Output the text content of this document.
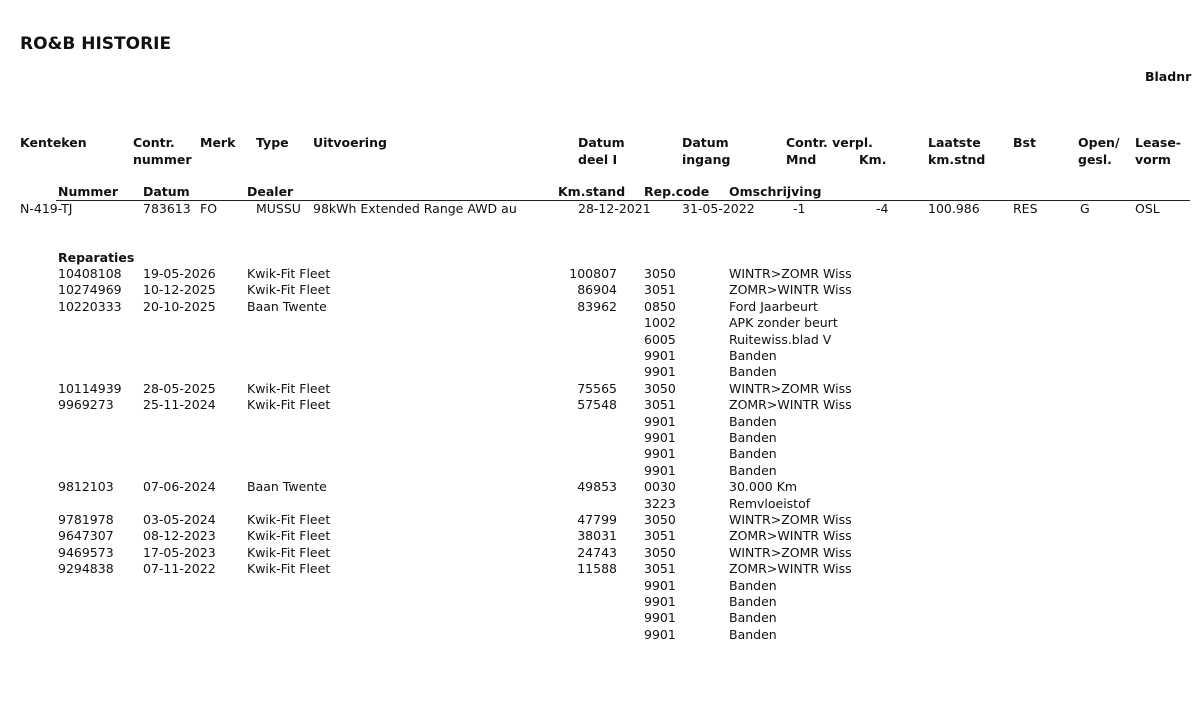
RO&B HISTORIE
Bladnr
Kenteken	Contr.
nummer
Merk Type Uitvoering	Datum
deel I
Datum
ingang
Contr. verpl.
Mnd	Km.
Laatste
km.stnd
Bst	Open/
gesl.
Lease-
vorm
Nummer Datum	Dealer	Km.stand Rep.code Omschrijving
N-419-TJ	783613 FO	MUSSU 98kWh Extended Range AWD au	28-12-2021	31-05-2022	-1	-4	100.986	RES	G	OSL
Reparaties
10408108 19-05-2026	Kwik-Fit Fleet	100807 3050	WINTR>ZOMR Wiss
10274969 10-12-2025	Kwik-Fit Fleet	86904 3051	ZOMR>WINTR Wiss
10220333 20-10-2025	Baan Twente	83962 0850	Ford Jaarbeurt
1002	APK zonder beurt
6005	Ruitewiss.blad V
9901	Banden
9901	Banden
10114939 28-05-2025	Kwik-Fit Fleet	75565 3050	WINTR>ZOMR Wiss
9969273 25-11-2024	Kwik-Fit Fleet	57548 3051	ZOMR>WINTR Wiss
9901	Banden
9901	Banden
9901	Banden
9901	Banden
9812103 07-06-2024	Baan Twente	49853 0030	30.000 Km
3223	Remvloeistof
9781978 03-05-2024	Kwik-Fit Fleet	47799 3050	WINTR>ZOMR Wiss
9647307 08-12-2023	Kwik-Fit Fleet	38031 3051	ZOMR>WINTR Wiss
9469573 17-05-2023	Kwik-Fit Fleet	24743 3050	WINTR>ZOMR Wiss
9294838 07-11-2022	Kwik-Fit Fleet	11588 3051	ZOMR>WINTR Wiss
9901	Banden
9901	Banden
9901	Banden
9901	Banden
